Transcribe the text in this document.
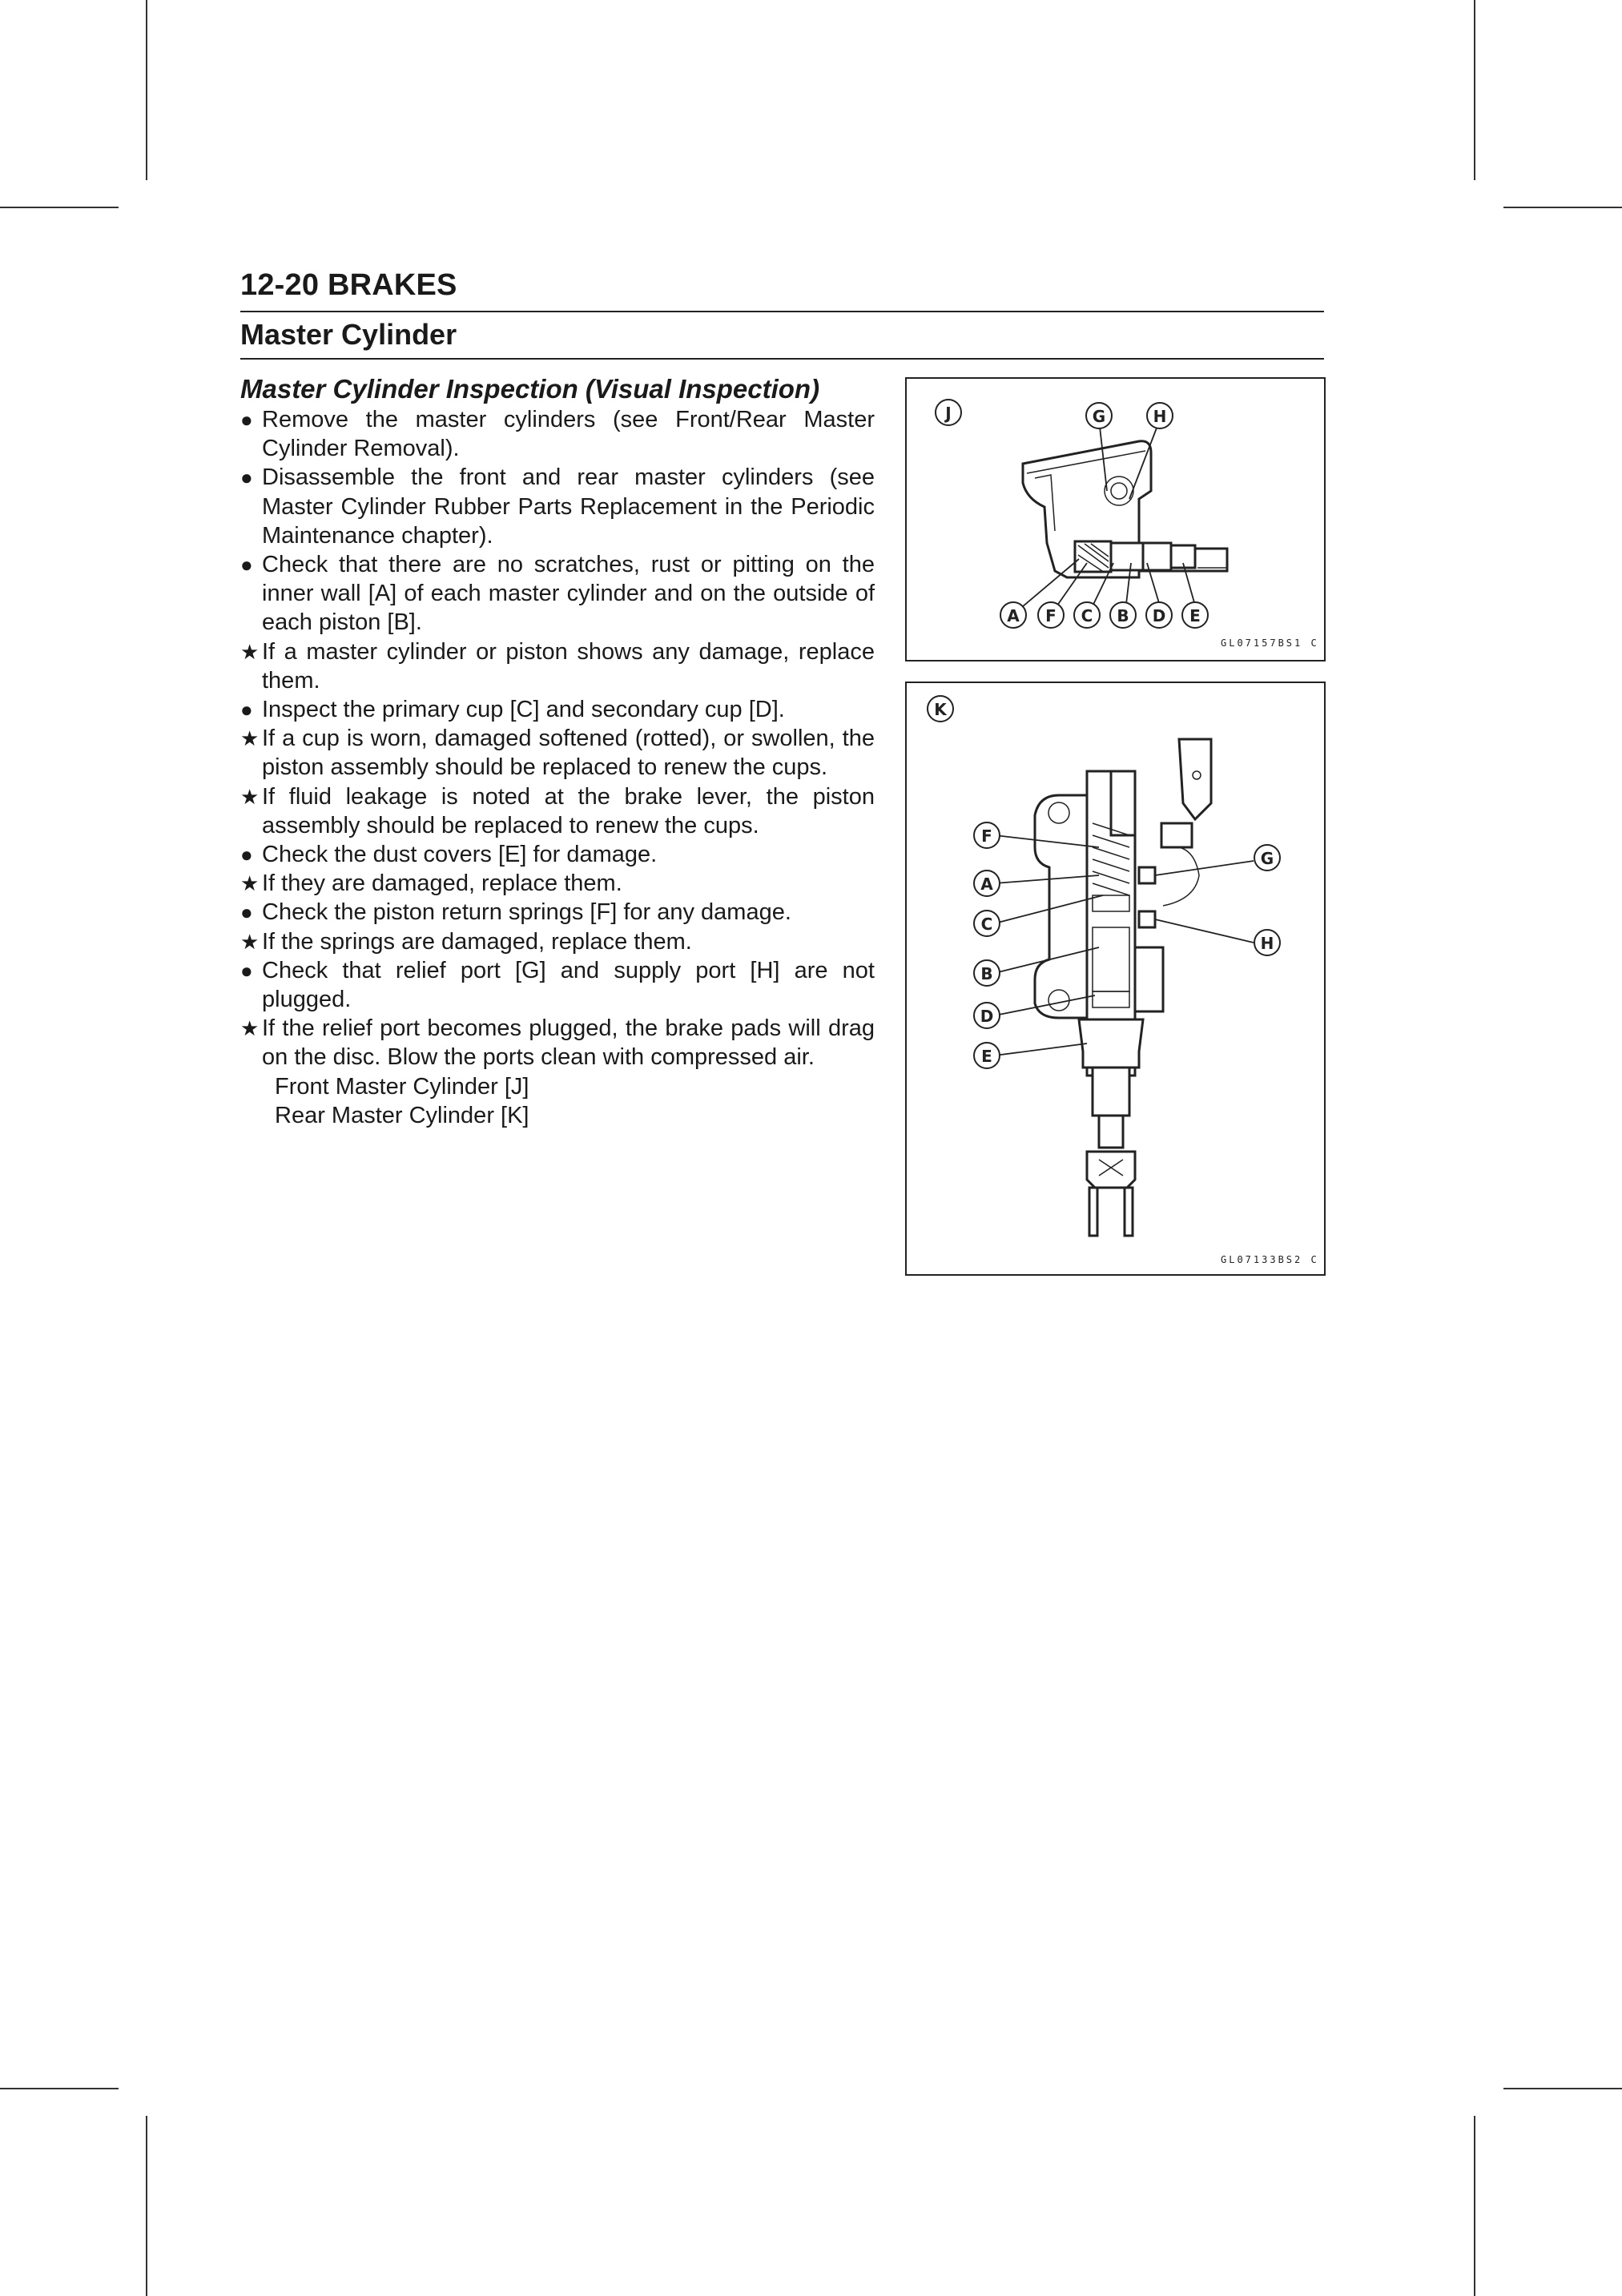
12-20 BRAKES
Master Cylinder
Master Cylinder Inspection (Visual Inspection)
● Remove the master cylinders (see Front/Rear Master Cylinder Removal).
● Disassemble the front and rear master cylinders (see Master Cylinder Rubber Parts Replacement in the Periodic Maintenance chapter).
● Check that there are no scratches, rust or pitting on the inner wall [A] of each master cylinder and on the outside of each piston [B].
★ If a master cylinder or piston shows any damage, replace them.
● Inspect the primary cup [C] and secondary cup [D].
★ If a cup is worn, damaged softened (rotted), or swollen, the piston assembly should be replaced to renew the cups.
★ If fluid leakage is noted at the brake lever, the piston assembly should be replaced to renew the cups.
● Check the dust covers [E] for damage.
★ If they are damaged, replace them.
● Check the piston return springs [F] for any damage.
★ If the springs are damaged, replace them.
● Check that relief port [G] and supply port [H] are not plugged.
★ If the relief port becomes plugged, the brake pads will drag on the disc. Blow the ports clean with compressed air.
Front Master Cylinder [J]
Rear Master Cylinder [K]
J	G	H
A F C B D E
GL07157BS1 C
K
F
A
C
B
D
E
G
H
GL07133BS2 C
